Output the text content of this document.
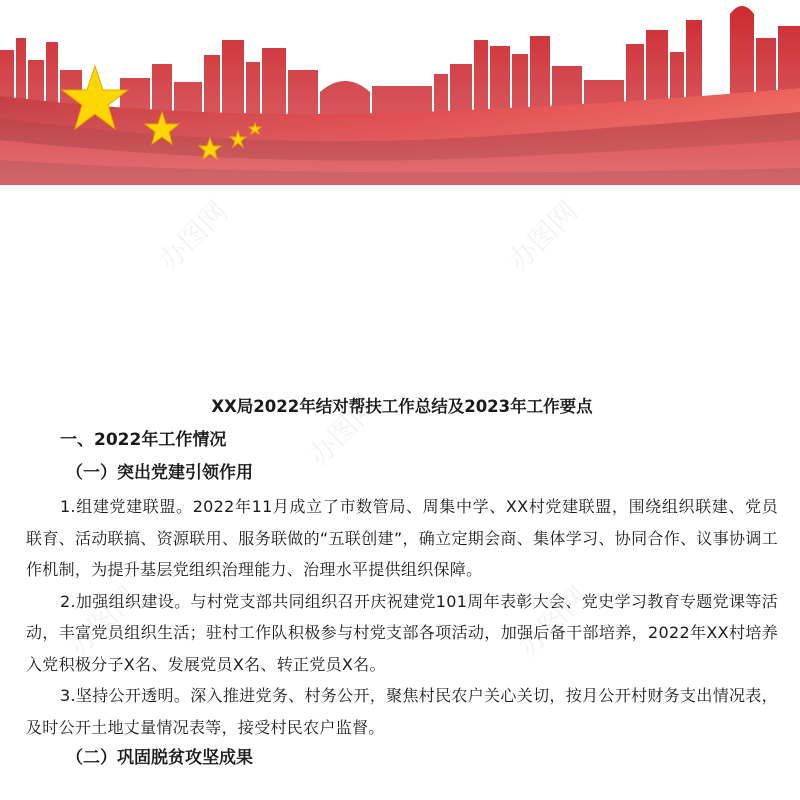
办图网	办图网
办图网
办图网	办图网
XX局2022年结对帮扶工作总结及2023年工作要点
一、2022年工作情况
（一）突出党建引领作用

1.组建党建联盟。2022年11月成立了市数管局、周集中学、XX村党建联盟，围绕组织联建、党员联育、活动联搞、资源联用、服务联做的“五联创建”，确立定期会商、集体学习、协同合作、议事协调工作机制，为提升基层党组织治理能力、治理水平提供组织保障。

2.加强组织建设。与村党支部共同组织召开庆祝建党101周年表彰大会、党史学习教育专题党课等活动，丰富党员组织生活；驻村工作队积极参与村党支部各项活动，加强后备干部培养，2022年XX村培养入党积极分子X名、发展党员X名、转正党员X名。

3.坚持公开透明。深入推进党务、村务公开，聚焦村民农户关心关切，按月公开村财务支出情况表，及时公开土地丈量情况表等，接受村民农户监督。

（二）巩固脱贫攻坚成果
